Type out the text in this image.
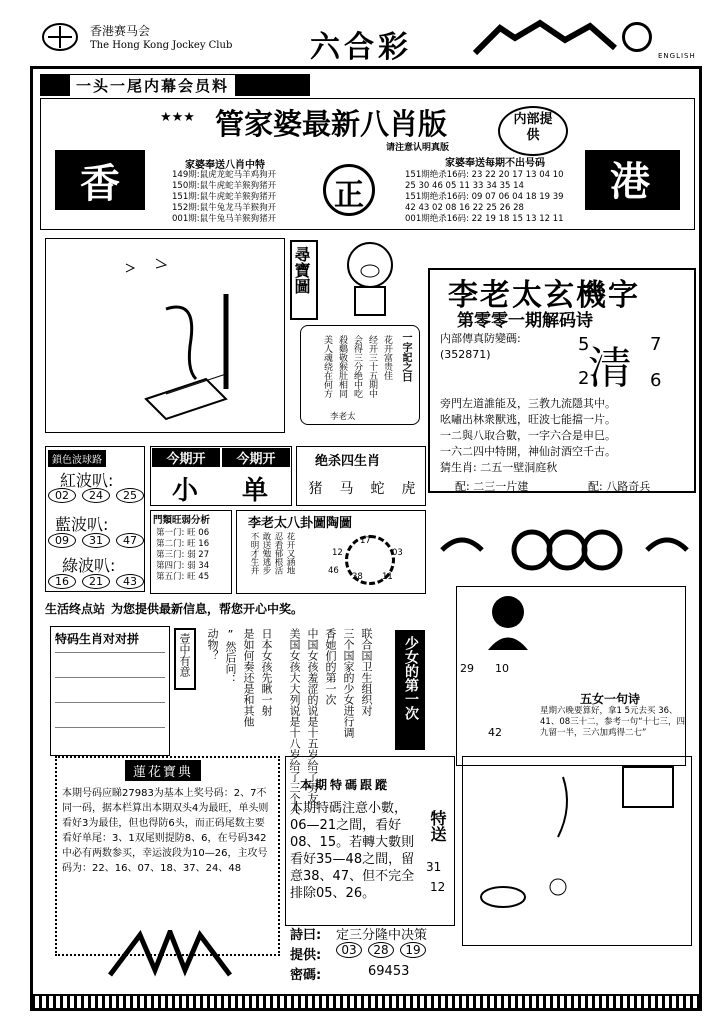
香港赛马会
The Hong Kong Jockey Club	六合彩	ENGLISH
一头一尾内幕会员料
管家婆最新八肖版
★★★	内部提供
请注意认明真版
香	港
家婆奉送八肖中特
149期:鼠虎龙蛇马羊鸡狗开
150期:鼠牛虎蛇羊猴狗猪开
151期:鼠牛虎蛇羊猴狗猪开
152期:鼠牛兔龙马羊猴狗开
001期:鼠牛兔马羊猴狗猪开
正
家婆奉送每期不出号码
151期绝杀16码: 23 22 20 17 13 04 10
25 30 46 05 11 33 34 35 14
151期绝杀16码: 09 07 06 04 18 19 39
42 43 02 08 16 22 25 26 28
001期绝杀16码: 22 19 18 15 13 12 11
尋寶圖
一字記之曰
美人魂绕在何方 殺鷄敬猴肚相同 会得三分绝中吃 经开三十五期中 花开富贵佳
李老太
李老太玄機字
第零零一期解码诗
内部傳真防變碼:
(352871) 清
5	7
2	6
旁門左道誰能及，三教九流隱其中。
吆嘯出林衆獸逃，旺波七能擋一片。
一二與八取合數，一字六合是申巳。
一六二四中特開，神仙討酒空千古。
猜生肖: 二五一壁洞庭秋
配: 二三一片建	配: 八路奇兵
鎖色波球路
紅波叭:
02	24	25
藍波叭:
09	31	47
綠波叭:
16	21	43
今期开	今期开
小 单
绝杀四生肖
猪 马 蛇 虎
門類旺弱分析
第一门: 旺 06
第二门: 旺 16
第三门: 弱 27
第四门: 弱 34
第五门: 旺 45
李老太八卦圖陶圖
不明才生并 敢送勉逃步 忍看郁根活 花开又涵地	12
17
03
46
38 11
29 10
42
五女一句诗
星期六晚要算好，拿1 5元去买 36、41、08三十二，参考一句“十七三，四九留一半，三六加鸡得二七”
生活终点站 为您提供最新信息，帮您开心中奖。
特码生肖对对拼	壹中有意	动物？ ”然后问： 是如何奏还是和其他 日本女孩先瞅一射 美国女孩大大列说是十八岁给了三个人 中国女孩羞涩的说是十五岁给了男友。 香她们的第一次 三个国家的少女进行调 联合国卫生组织对	少女的第一次
蓮花寶典
本期号码应睇27983为基本上奖号码：2、7不同一码，据本栏算出本期双头4为最旺，单头则看好3为最佳，但也得防6头，而正码尾数主要看好单尾：3、1双尾则提防8、6，在号码342中必有两数参买，幸运波段为10—26，主攻号码为：22、16、07、18、37、24、48
本期特碼跟蹤
本期特碼注意小數，06—21之間，看好08、15。若轉大數則看好35—48之間，留意38、47、但不完全排除05、26。
特送
31
12
詩曰: 定三分隆中决策
提供:	03	28	19
密碼:	69453
